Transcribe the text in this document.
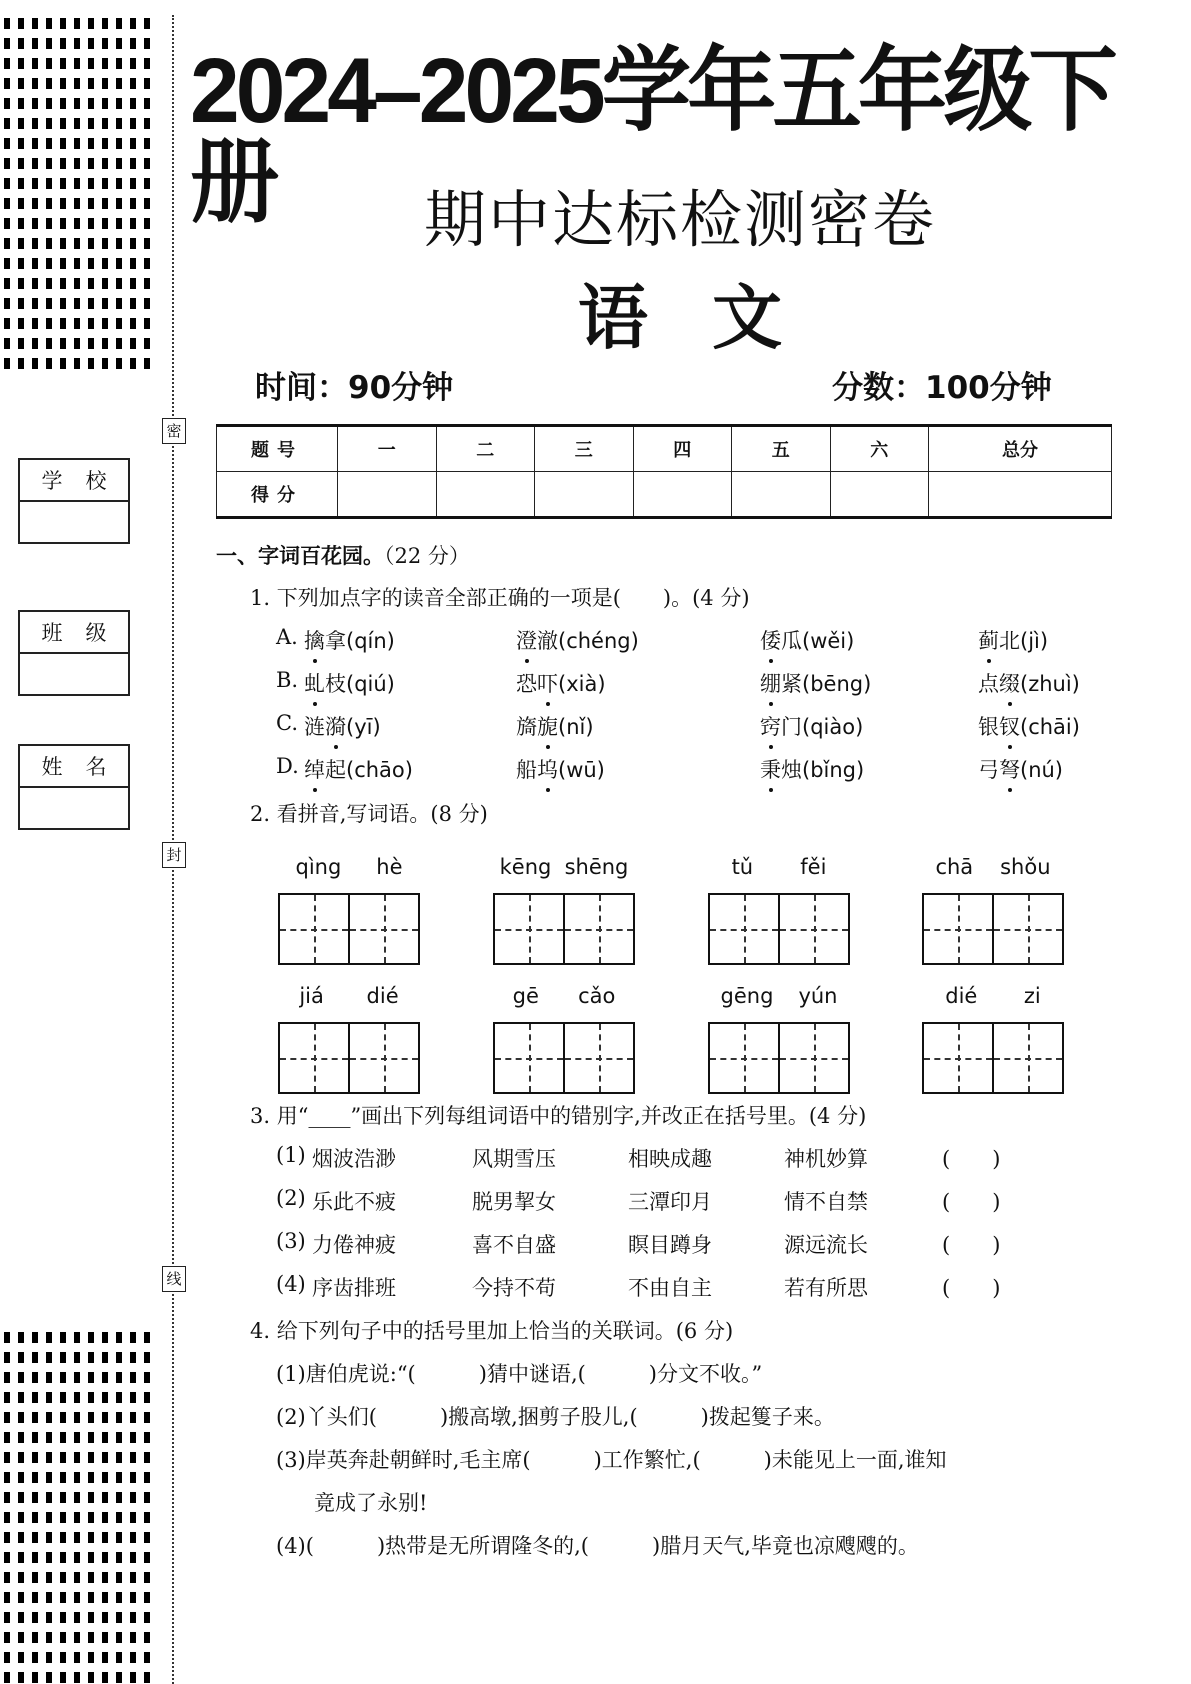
密
封
线
学 校
班 级
姓 名
2024–2025学年五年级下册	期中达标检测密卷
语 文
时间：90分钟	分数：100分钟
题号	一	二	三	四	五	六	总分
得分							
一、字词百花园。（22 分）
1. 下列加点字的读音全部正确的一项是(　　)。(4 分)
A. 擒拿(qín)	澄澈(chéng)	倭瓜(wěi)	蓟北(jì)
B. 虬枝(qiú)	恐吓(xià)	绷紧(bēng)	点缀(zhuì)
C. 涟漪(yī)	旖旎(nǐ)	窍门(qiào)	银钗(chāi)
D. 绰起(chāo)	船坞(wū)	秉烛(bǐng)	弓弩(nú)
2. 看拼音,写词语。(8 分)
qìng hè	kēng shēng	tǔ fěi	chā shǒu
jiá dié	gē cǎo	gēng yún	dié zi
3. 用“____”画出下列每组词语中的错别字,并改正在括号里。(4 分)
(1) 烟波浩渺	风期雪压	相映成趣	神机妙算	(　　)
(2) 乐此不疲	脱男挈女	三潭印月	情不自禁	(　　)
(3) 力倦神疲	喜不自盛	瞑目蹲身	源远流长	(　　)
(4) 序齿排班	今持不苟	不由自主	若有所思	(　　)
4. 给下列句子中的括号里加上恰当的关联词。(6 分)
(1)唐伯虎说:“(　　　)猜中谜语,(　　　)分文不收。”
(2)丫头们(　　　)搬高墩,捆剪子股儿,(　　　)拨起篗子来。
(3)岸英奔赴朝鲜时,毛主席(　　　)工作繁忙,(　　　)未能见上一面,谁知
竟成了永别!
(4)(　　　)热带是无所谓隆冬的,(　　　)腊月天气,毕竟也凉飕飕的。
